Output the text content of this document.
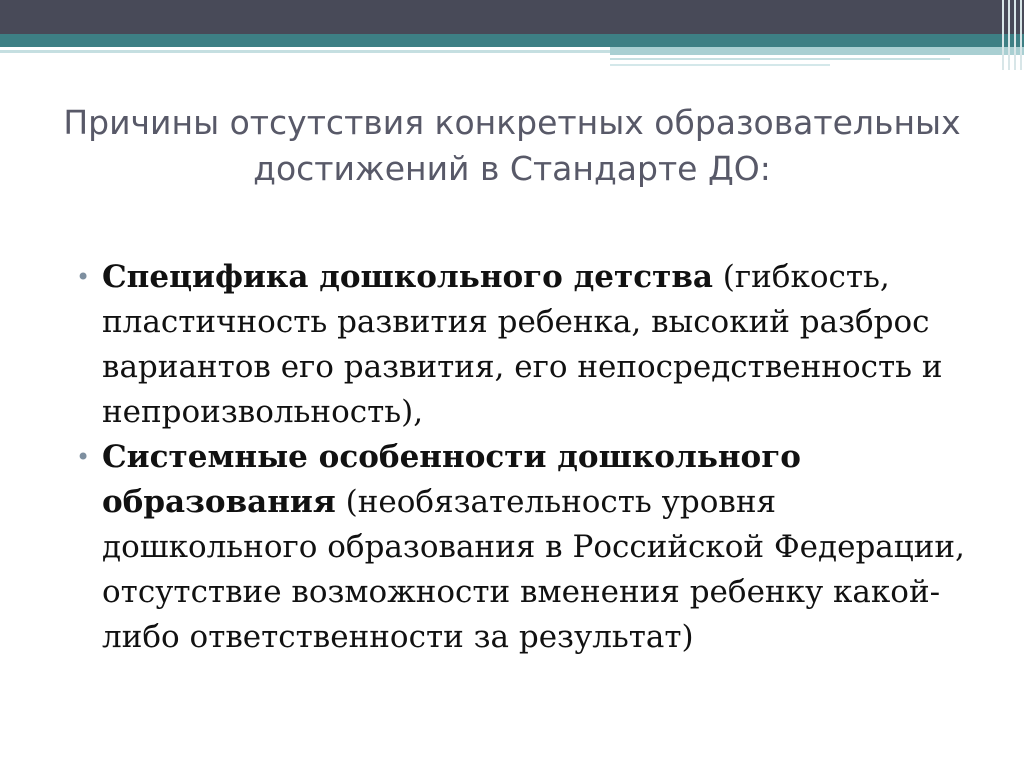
Причины отсутствия конкретных образовательных достижений в Стандарте ДО:
• Специфика дошкольного детства (гибкость, пластичность развития ребенка, высокий разброс вариантов его развития, его непосредственность и непроизвольность),
• Системные особенности дошкольного образования (необязательность уровня дошкольного образования в Российской Федерации, отсутствие возможности вменения ребенку какой-либо ответственности за результат)
